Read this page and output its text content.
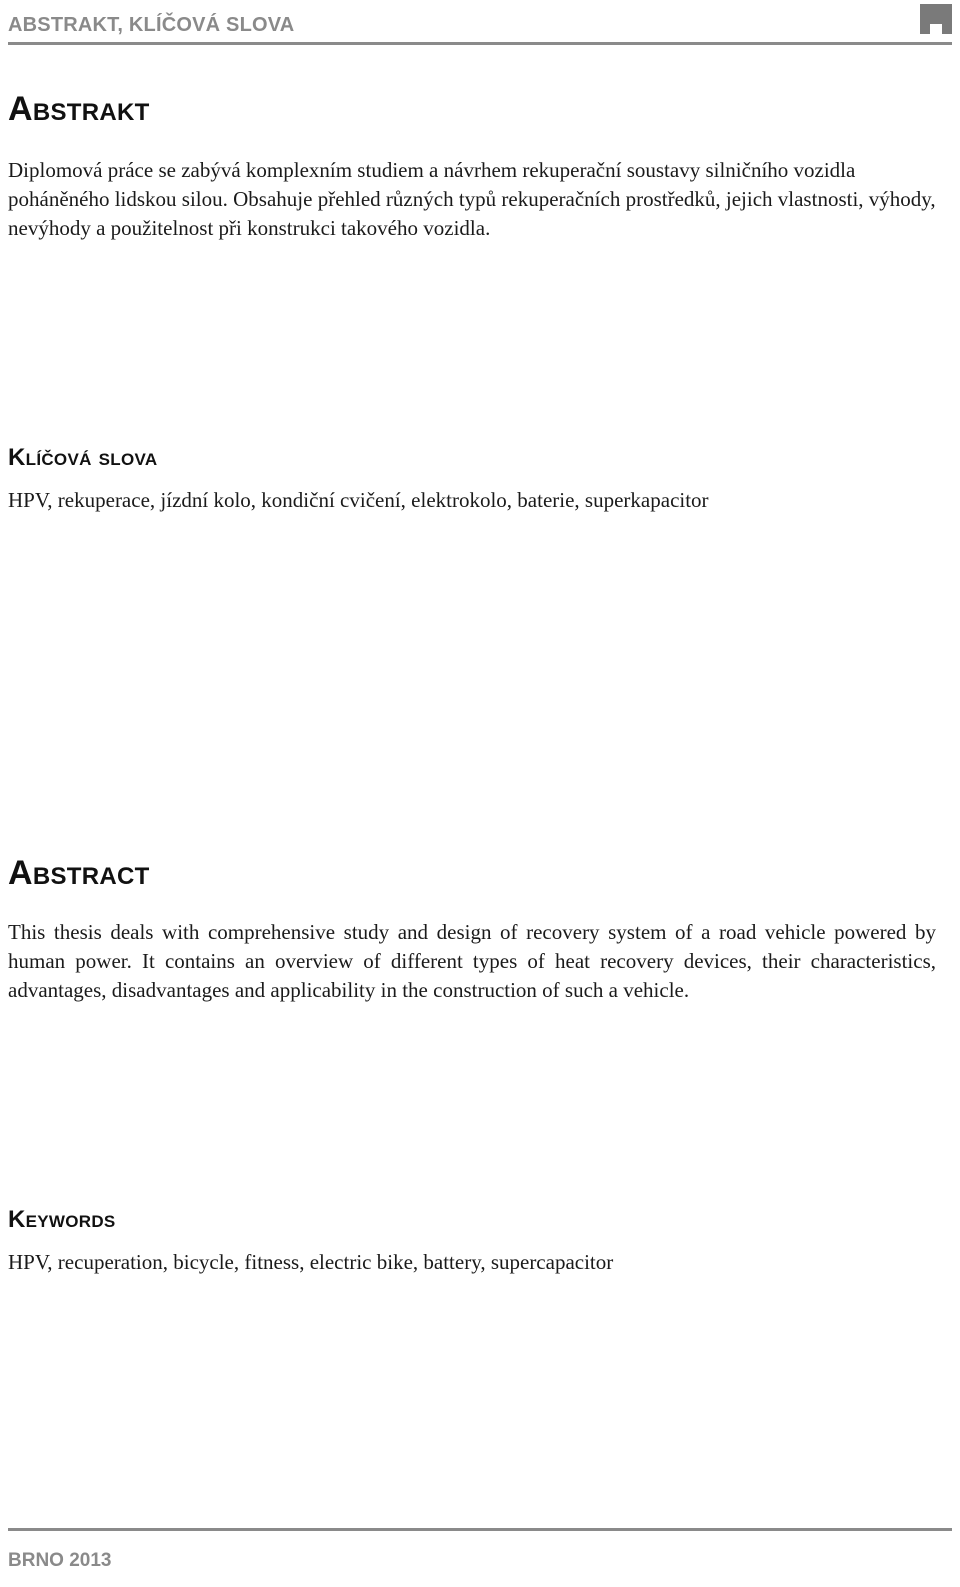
ABSTRAKT, KLÍČOVÁ SLOVA
Abstrakt

Diplomová práce se zabývá komplexním studiem a návrhem rekuperační soustavy silničního vozidla poháněného lidskou silou. Obsahuje přehled různých typů rekuperačních prostředků, jejich vlastnosti, výhody, nevýhody a použitelnost při konstrukci takového vozidla.

Klíčová slova

HPV, rekuperace, jízdní kolo, kondiční cvičení, elektrokolo, baterie, superkapacitor

Abstract

This thesis deals with comprehensive study and design of recovery system of a road vehicle powered by human power. It contains an overview of different types of heat recovery devices, their characteristics, advantages, disadvantages and applicability in the construction of such a vehicle.

Keywords

HPV, recuperation, bicycle, fitness, electric bike, battery, supercapacitor

BRNO 2013
